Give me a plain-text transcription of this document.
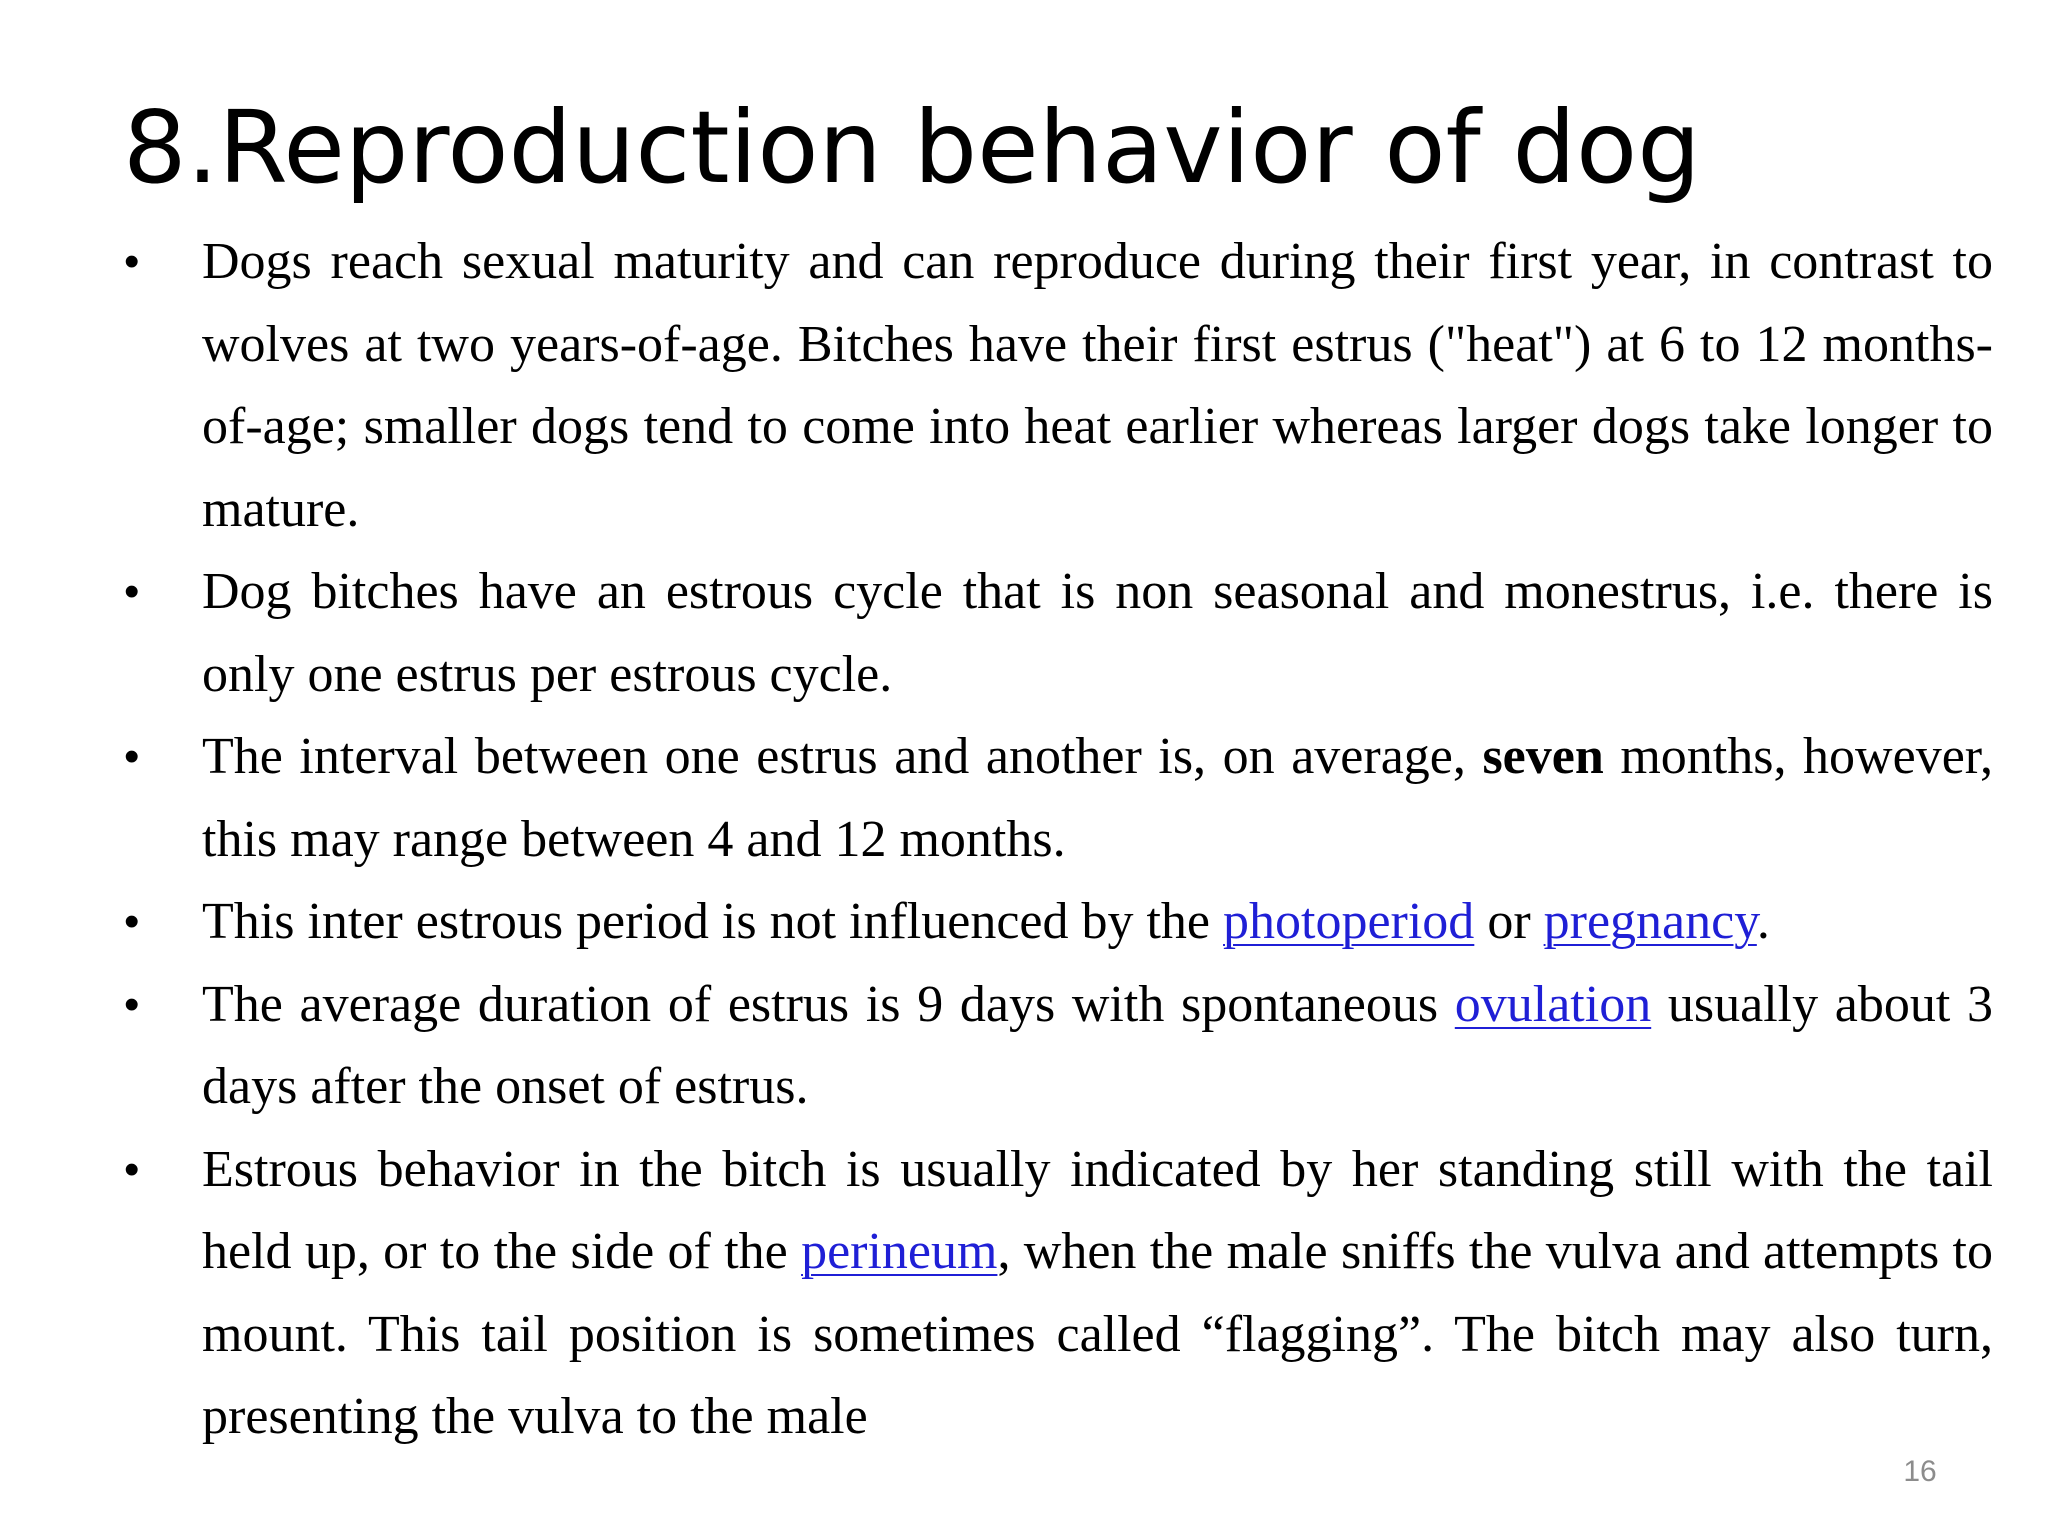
8.Reproduction behavior of dog
• Dogs reach sexual maturity and can reproduce during their first year, in contrast to wolves at two years-of-age. Bitches have their first estrus ("heat") at 6 to 12 months-of-age; smaller dogs tend to come into heat earlier whereas larger dogs take longer to mature.
• Dog bitches have an estrous cycle that is non seasonal and monestrus, i.e. there is only one estrus per estrous cycle.
• The interval between one estrus and another is, on average, seven months, however, this may range between 4 and 12 months.
• This inter estrous period is not influenced by the photoperiod or pregnancy.
• The average duration of estrus is 9 days with spontaneous ovulation usually about 3 days after the onset of estrus.
• Estrous behavior in the bitch is usually indicated by her standing still with the tail held up, or to the side of the perineum, when the male sniffs the vulva and attempts to mount. This tail position is sometimes called “flagging”. The bitch may also turn, presenting the vulva to the male
16
